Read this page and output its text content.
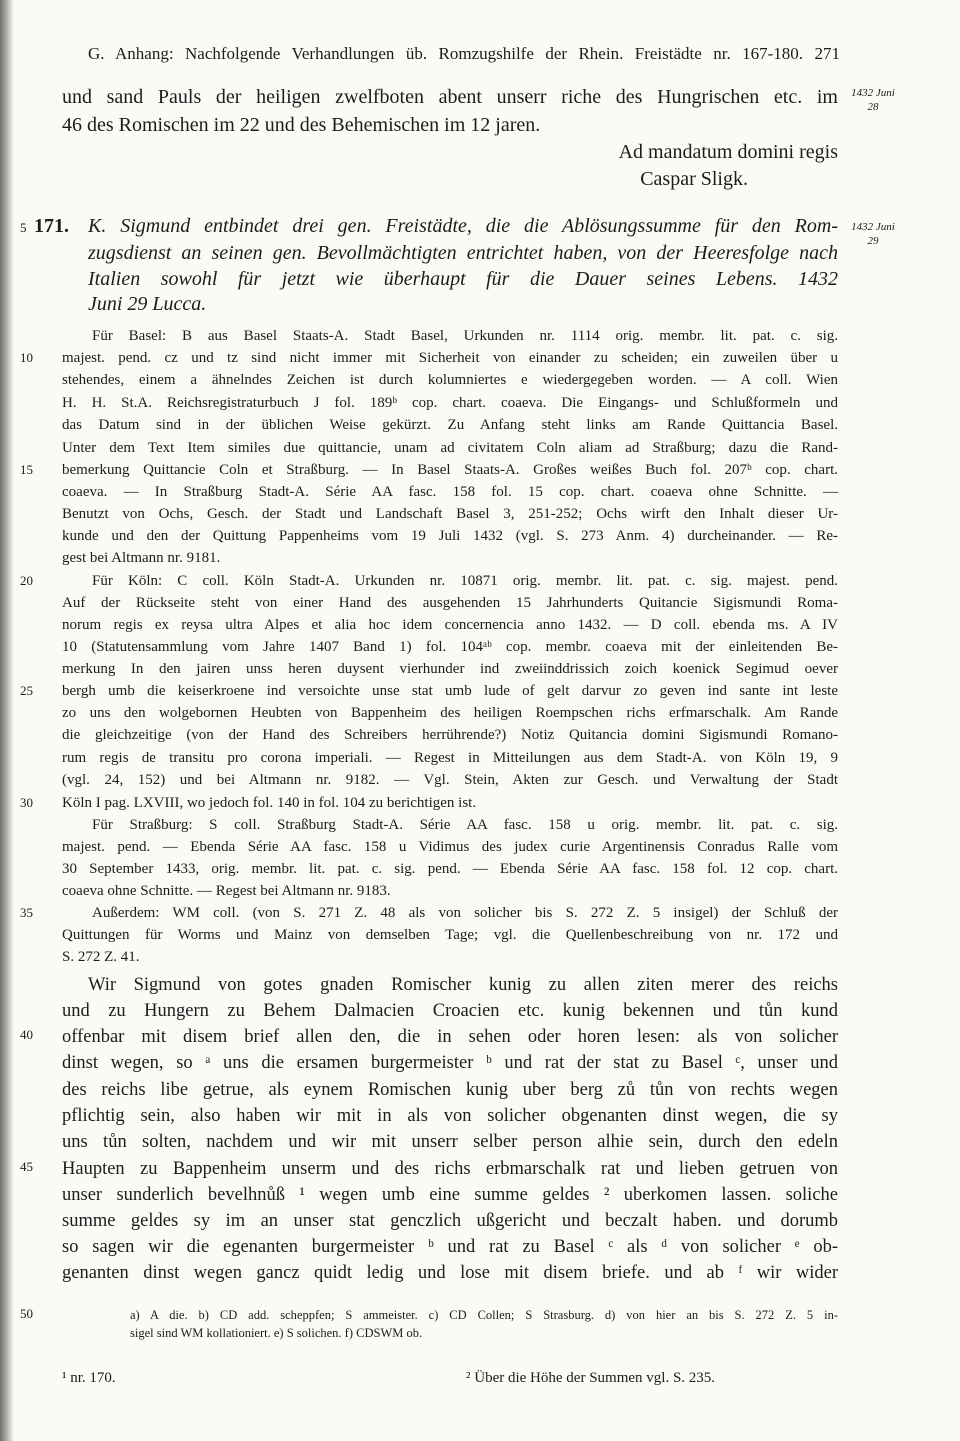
G. Anhang: Nachfolgende Verhandlungen üb. Romzugshilfe der Rhein. Freistädte nr. 167-180. 271
1432 Juni 28
1432 Juni 29
5
10
15
20
25
30
35
40
45
50
und sand Pauls der heiligen zwelfboten abent unserr riche des Hungrischen etc. im
46 des Romischen im 22 und des Behemischen im 12 jaren.
Ad mandatum domini regis
Caspar Sligk.
171. K. Sigmund entbindet drei gen. Freistädte, die die Ablösungssumme für den Rom-
zugsdienst an seinen gen. Bevollmächtigten entrichtet haben, von der Heeresfolge nach
Italien sowohl für jetzt wie überhaupt für die Dauer seines Lebens. 1432
Juni 29 Lucca.
Für Basel: B aus Basel Staats-A. Stadt Basel, Urkunden nr. 1114 orig. membr. lit. pat. c. sig.
majest. pend. cz und tz sind nicht immer mit Sicherheit von einander zu scheiden; ein zuweilen über u
stehendes, einem a ähnelndes Zeichen ist durch kolumniertes e wiedergegeben worden. — A coll. Wien
H. H. St.A. Reichsregistraturbuch J fol. 189ᵇ cop. chart. coaeva. Die Eingangs- und Schlußformeln und
das Datum sind in der üblichen Weise gekürzt. Zu Anfang steht links am Rande Quittancia Basel.
Unter dem Text Item similes due quittancie, unam ad civitatem Coln aliam ad Straßburg; dazu die Rand-
bemerkung Quittancie Coln et Straßburg. — In Basel Staats-A. Großes weißes Buch fol. 207ᵇ cop. chart.
coaeva. — In Straßburg Stadt-A. Série AA fasc. 158 fol. 15 cop. chart. coaeva ohne Schnitte. —
Benutzt von Ochs, Gesch. der Stadt und Landschaft Basel 3, 251-252; Ochs wirft den Inhalt dieser Ur-
kunde und den der Quittung Pappenheims vom 19 Juli 1432 (vgl. S. 273 Anm. 4) durcheinander. — Re-
gest bei Altmann nr. 9181.
Für Köln: C coll. Köln Stadt-A. Urkunden nr. 10871 orig. membr. lit. pat. c. sig. majest. pend.
Auf der Rückseite steht von einer Hand des ausgehenden 15 Jahrhunderts Quitancie Sigismundi Roma-
norum regis ex reysa ultra Alpes et alia hoc idem concernencia anno 1432. — D coll. ebenda ms. A IV
10 (Statutensammlung vom Jahre 1407 Band 1) fol. 104ᵃᵇ cop. membr. coaeva mit der einleitenden Be-
merkung In den jairen unss heren duysent vierhunder ind zweiinddrissich zoich koenick Segimud oever
bergh umb die keiserkroene ind versoichte unse stat umb lude of gelt darvur zo geven ind sante int leste
zo uns den wolgebornen Heubten von Bappenheim des heiligen Roempschen richs erfmarschalk. Am Rande
die gleichzeitige (von der Hand des Schreibers herrührende?) Notiz Quitancia domini Sigismundi Romano-
rum regis de transitu pro corona imperiali. — Regest in Mitteilungen aus dem Stadt-A. von Köln 19, 9
(vgl. 24, 152) und bei Altmann nr. 9182. — Vgl. Stein, Akten zur Gesch. und Verwaltung der Stadt
Köln I pag. LXVIII, wo jedoch fol. 140 in fol. 104 zu berichtigen ist.
Für Straßburg: S coll. Straßburg Stadt-A. Série AA fasc. 158 u orig. membr. lit. pat. c. sig.
majest. pend. — Ebenda Série AA fasc. 158 u Vidimus des judex curie Argentinensis Conradus Ralle vom
30 September 1433, orig. membr. lit. pat. c. sig. pend. — Ebenda Série AA fasc. 158 fol. 12 cop. chart.
coaeva ohne Schnitte. — Regest bei Altmann nr. 9183.
Außerdem: WM coll. (von S. 271 Z. 48 als von solicher bis S. 272 Z. 5 insigel) der Schluß der
Quittungen für Worms und Mainz von demselben Tage; vgl. die Quellenbeschreibung von nr. 172 und
S. 272 Z. 41.
Wir Sigmund von gotes gnaden Romischer kunig zu allen ziten merer des reichs
und zu Hungern zu Behem Dalmacien Croacien etc. kunig bekennen und tůn kund
offenbar mit disem brief allen den, die in sehen oder horen lesen: als von solicher
dinst wegen, so ᵃ uns die ersamen burgermeister ᵇ und rat der stat zu Basel ᶜ, unser und
des reichs libe getrue, als eynem Romischen kunig uber berg zů tůn von rechts wegen
pflichtig sein, also haben wir mit in als von solicher obgenanten dinst wegen, die sy
uns tůn solten, nachdem und wir mit unserr selber person alhie sein, durch den edeln
Haupten zu Bappenheim unserm und des richs erbmarschalk rat und lieben getruen von
unser sunderlich bevelhnůß ¹ wegen umb eine summe geldes ² uberkomen lassen. soliche
summe geldes sy im an unser stat genczlich ußgericht und beczalt haben. und dorumb
so sagen wir die egenanten burgermeister ᵇ und rat zu Basel ᶜ als ᵈ von solicher ᵉ ob-
genanten dinst wegen gancz quidt ledig und lose mit disem briefe. und ab ᶠ wir wider
a) A die. b) CD add. scheppfen; S ammeister. c) CD Collen; S Strasburg. d) von hier an bis S. 272 Z. 5 in-
sigel sind WM kollationiert. e) S solichen. f) CDSWM ob.
¹ nr. 170.	² Über die Höhe der Summen vgl. S. 235.
